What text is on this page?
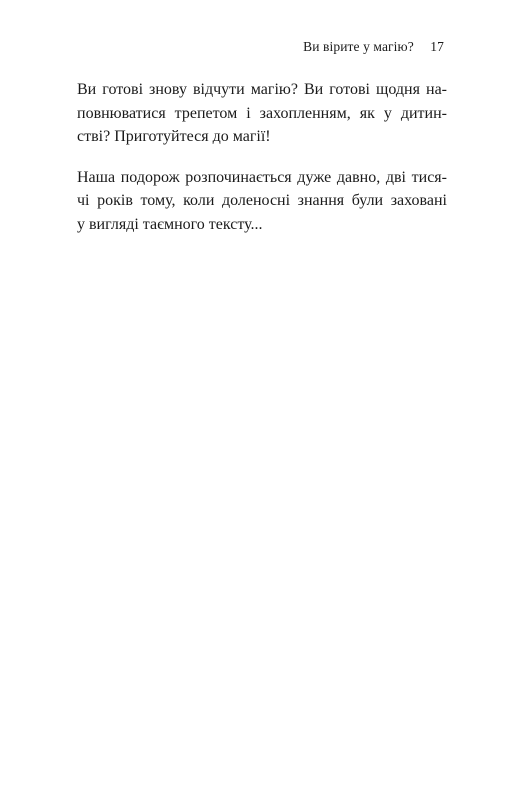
Ви вірите у магію? 17

Ви готові знову відчути магію? Ви готові щодня на-
повнюватися трепетом і захопленням, як у дитин-
стві? Приготуйтеся до магії!

Наша подорож розпочинається дуже давно, дві тися-
чі років тому, коли доленосні знання були заховані
у вигляді таємного тексту...
